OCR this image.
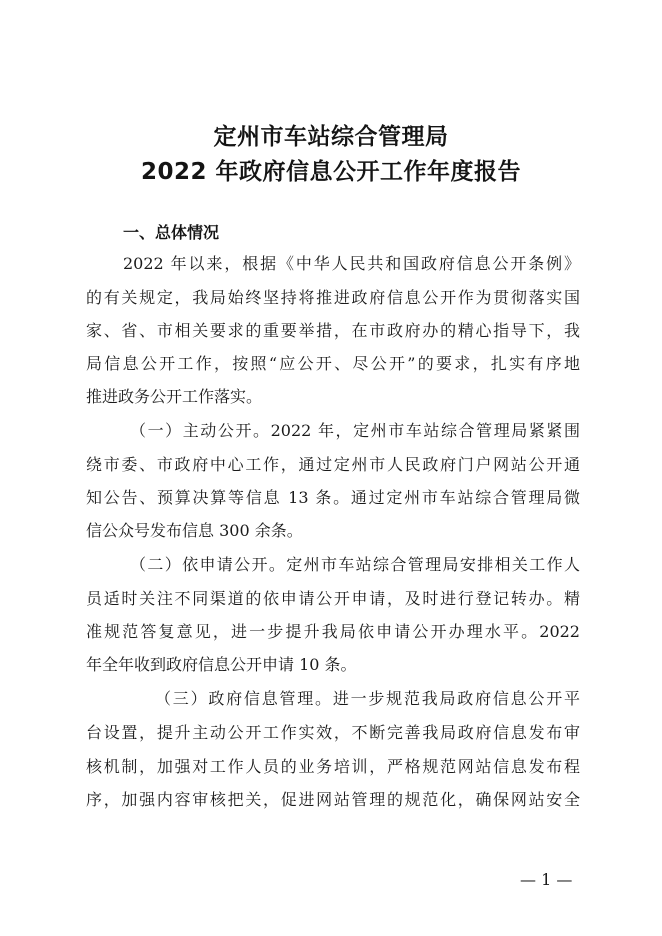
定州市车站综合管理局
2022 年政府信息公开工作年度报告
一、总体情况

2022 年以来，根据《中华人民共和国政府信息公开条例》

的有关规定，我局始终坚持将推进政府信息公开作为贯彻落实国

家、省、市相关要求的重要举措，在市政府办的精心指导下，我

局信息公开工作，按照“应公开、尽公开”的要求，扎实有序地

推进政务公开工作落实。

（一）主动公开。2022 年，定州市车站综合管理局紧紧围

绕市委、市政府中心工作，通过定州市人民政府门户网站公开通

知公告、预算决算等信息 13 条。通过定州市车站综合管理局微

信公众号发布信息 300 余条。

（二）依申请公开。定州市车站综合管理局安排相关工作人

员适时关注不同渠道的依申请公开申请，及时进行登记转办。精

准规范答复意见，进一步提升我局依申请公开办理水平。2022

年全年收到政府信息公开申请 10 条。

（三）政府信息管理。进一步规范我局政府信息公开平

台设置，提升主动公开工作实效，不断完善我局政府信息发布审

核机制，加强对工作人员的业务培训，严格规范网站信息发布程

序，加强内容审核把关，促进网站管理的规范化，确保网站安全

— 1 —
